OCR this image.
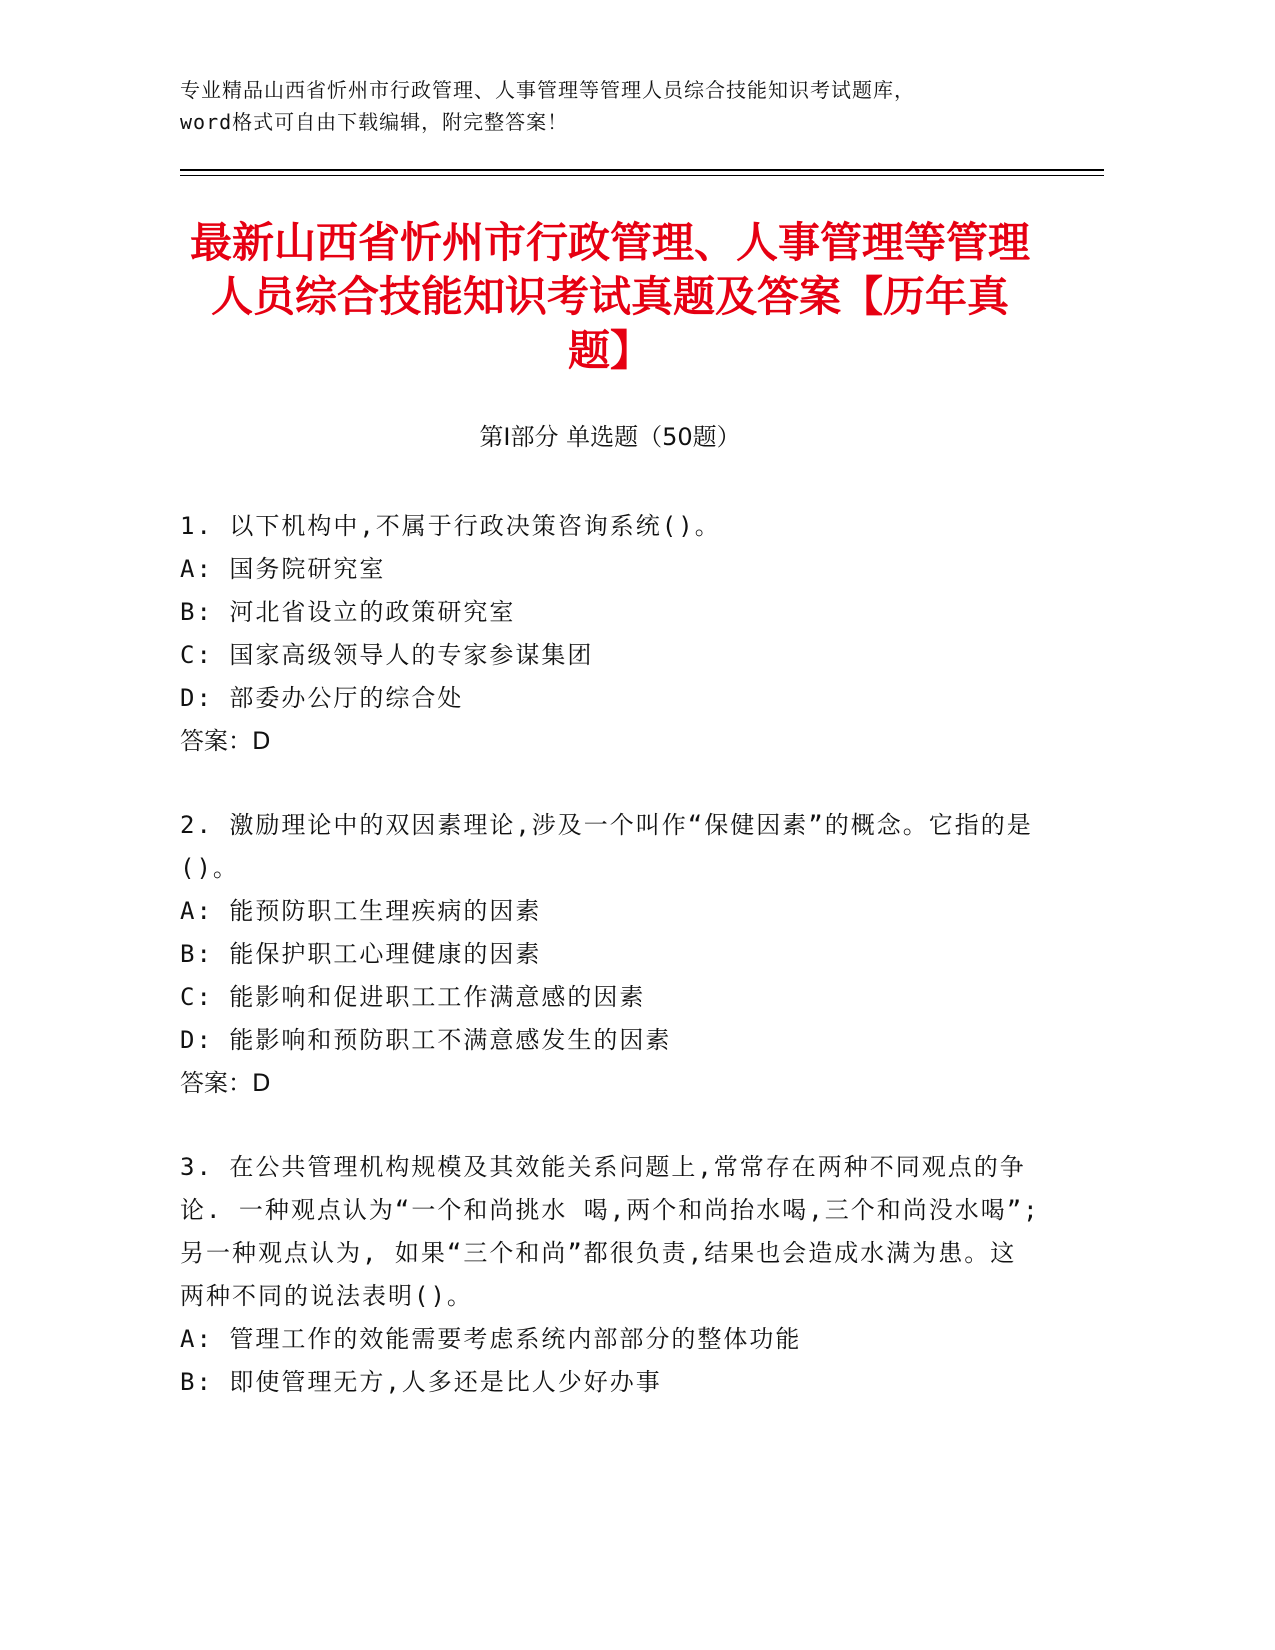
专业精品山西省忻州市行政管理、人事管理等管理人员综合技能知识考试题库，
word格式可自由下载编辑，附完整答案！
最新山西省忻州市行政管理、人事管理等管理人员综合技能知识考试真题及答案【历年真题】
第Ⅰ部分 单选题（50题）

1. 以下机构中,不属于行政决策咨询系统()。

A: 国务院研究室

B: 河北省设立的政策研究室

C: 国家高级领导人的专家参谋集团

D: 部委办公厅的综合处

答案：D

2. 激励理论中的双因素理论,涉及一个叫作“保健因素”的概念。它指的是()。

A: 能预防职工生理疾病的因素

B: 能保护职工心理健康的因素

C: 能影响和促进职工工作满意感的因素

D: 能影响和预防职工不满意感发生的因素

答案：D

3. 在公共管理机构规模及其效能关系问题上,常常存在两种不同观点的争论. 一种观点认为“一个和尚挑水 喝,两个和尚抬水喝,三个和尚没水喝”;另一种观点认为, 如果“三个和尚”都很负责,结果也会造成水满为患。这两种不同的说法表明()。

A: 管理工作的效能需要考虑系统内部部分的整体功能

B: 即使管理无方,人多还是比人少好办事
